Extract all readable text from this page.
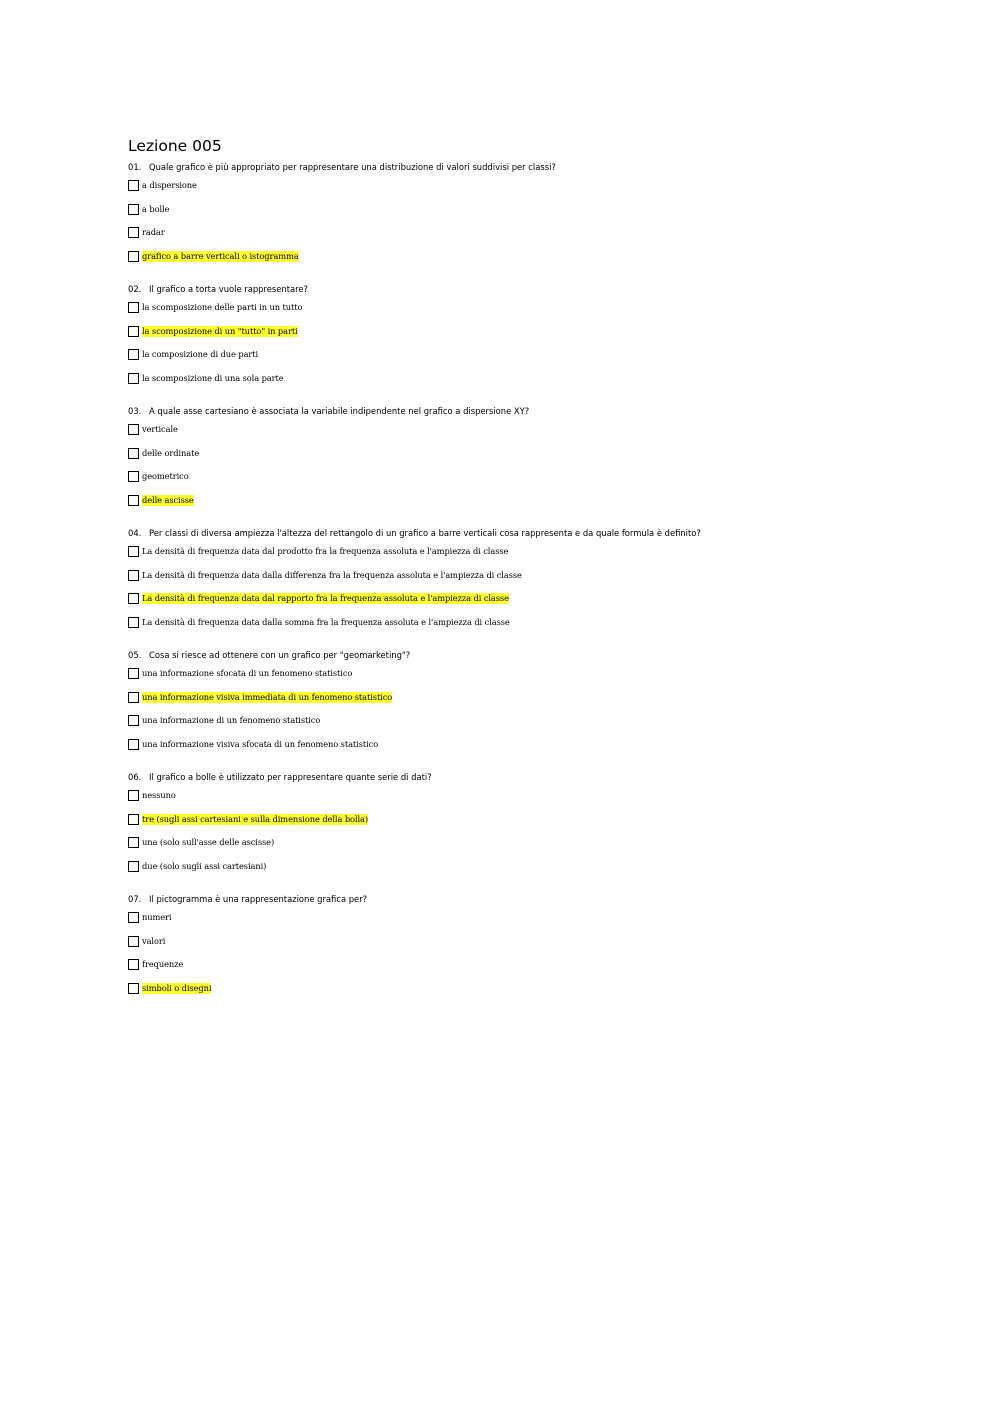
Lezione 005
01. Quale grafico è più appropriato per rappresentare una distribuzione di valori suddivisi per classi?
a dispersione
a bolle
radar
grafico a barre verticali o istogramma
02. Il grafico a torta vuole rappresentare?
la scomposizione delle parti in un tutto
la scomposizione di un "tutto" in parti
la composizione di due parti
la scomposizione di una sola parte
03. A quale asse cartesiano è associata la variabile indipendente nel grafico a dispersione XY?
verticale
delle ordinate
geometrico
delle ascisse
04. Per classi di diversa ampiezza l'altezza del rettangolo di un grafico a barre verticali cosa rappresenta e da quale formula è definito?
La densità di frequenza data dal prodotto fra la frequenza assoluta e l'ampiezza di classe
La densità di frequenza data dalla differenza fra la frequenza assoluta e l'ampiezza di classe
La densità di frequenza data dal rapporto fra la frequenza assoluta e l'ampiezza di classe
La densità di frequenza data dalla somma fra la frequenza assoluta e l'ampiezza di classe
05. Cosa si riesce ad ottenere con un grafico per "geomarketing"?
una informazione sfocata di un fenomeno statistico
una informazione visiva immediata di un fenomeno statistico
una informazione di un fenomeno statistico
una informazione visiva sfocata di un fenomeno statistico
06. Il grafico a bolle è utilizzato per rappresentare quante serie di dati?
nessuno
tre (sugli assi cartesiani e sulla dimensione della bolla)
una (solo sull'asse delle ascisse)
due (solo sugli assi cartesiani)
07. Il pictogramma è una rappresentazione grafica per?
numeri
valori
frequenze
simboli o disegni
